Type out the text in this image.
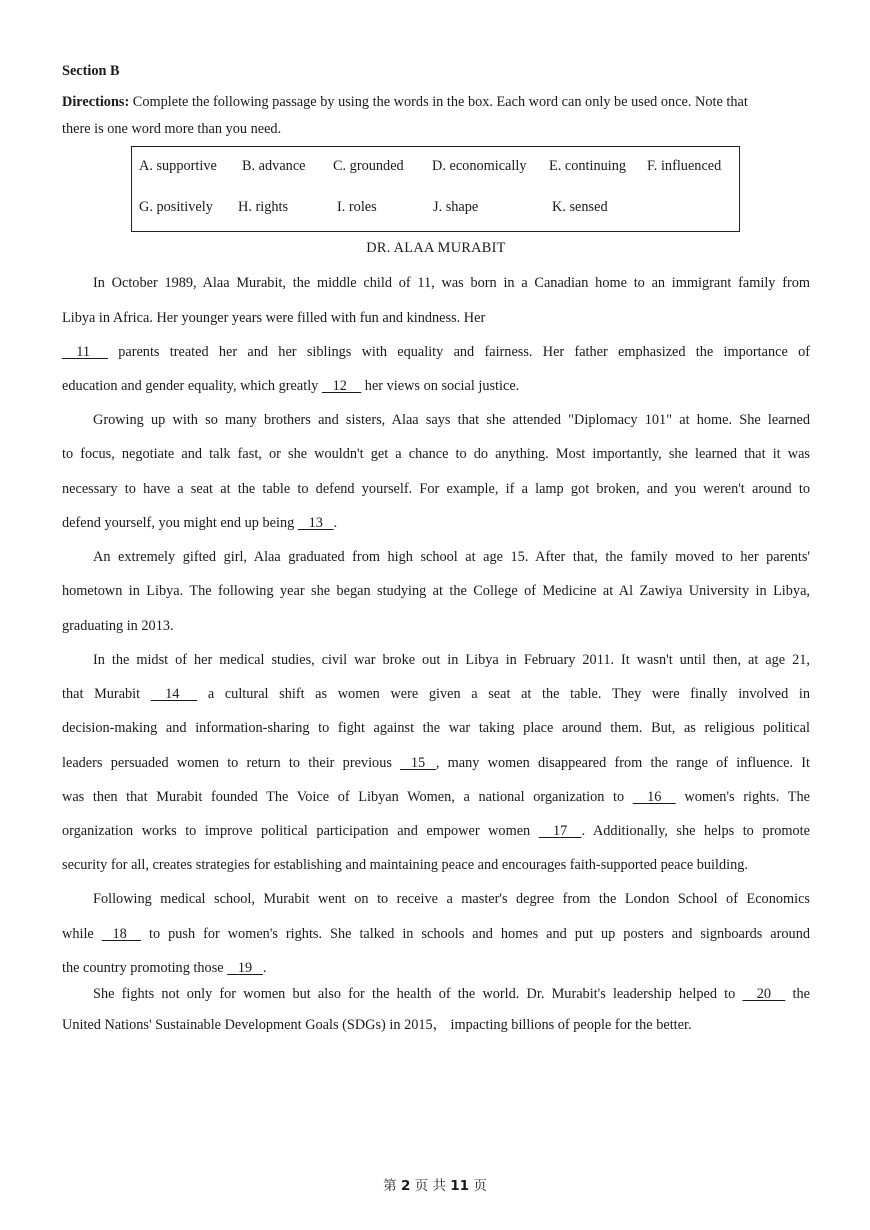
Section B
Directions: Complete the following passage by using the words in the box. Each word can only be used once. Note that
there is one word more than you need.
A. supportive B. advance C. grounded D. economically E. continuing F. influenced
G. positively H. rights	I. roles	J. shape	K. sensed
DR. ALAA MURABIT
In October 1989, Alaa Murabit, the middle child of 11, was born in a Canadian home to an immigrant family from
Libya in Africa. Her younger years were filled with fun and kindness. Her
11      parents treated her and her siblings with equality and fairness. Her father emphasized the importance of
education and gender equality, which greatly    12     her views on social justice.
Growing up with so many brothers and sisters, Alaa says that she attended "Diplomacy 101" at home. She learned
to focus, negotiate and talk fast, or she wouldn't get a chance to do anything. Most importantly, she learned that it was
necessary to have a seat at the table to defend yourself. For example, if a lamp got broken, and you weren't around to
defend yourself, you might end up being    13   .
An extremely gifted girl, Alaa graduated from high school at age 15. After that, the family moved to her parents'
hometown in Libya. The following year she began studying at the College of Medicine at Al Zawiya University in Libya,
graduating in 2013.
In the midst of her medical studies, civil war broke out in Libya in February 2011. It wasn't until then, at age 21,
that Murabit     14      a cultural shift as women were given a seat at the table. They were finally involved in
decision-making and information-sharing to fight against the war taking place around them. But, as religious political
leaders persuaded women to return to their previous    15   , many women disappeared from the range of influence. It
was then that Murabit founded The Voice of Libyan Women, a national organization to     16     women's rights. The
organization works to improve political participation and empower women     17    . Additionally, she helps to promote
security for all, creates strategies for establishing and maintaining peace and encourages faith-supported peace building.
Following medical school, Murabit went on to receive a master's degree from the London School of Economics
while    18     to push for women's rights. She talked in schools and homes and put up posters and signboards around
the country promoting those    19   .
She fights not only for women but also for the health of the world. Dr. Murabit's leadership helped to     20     the
United Nations' Sustainable Development Goals (SDGs) in 2015， impacting billions of people for the better.
第 2 页 共 11 页
